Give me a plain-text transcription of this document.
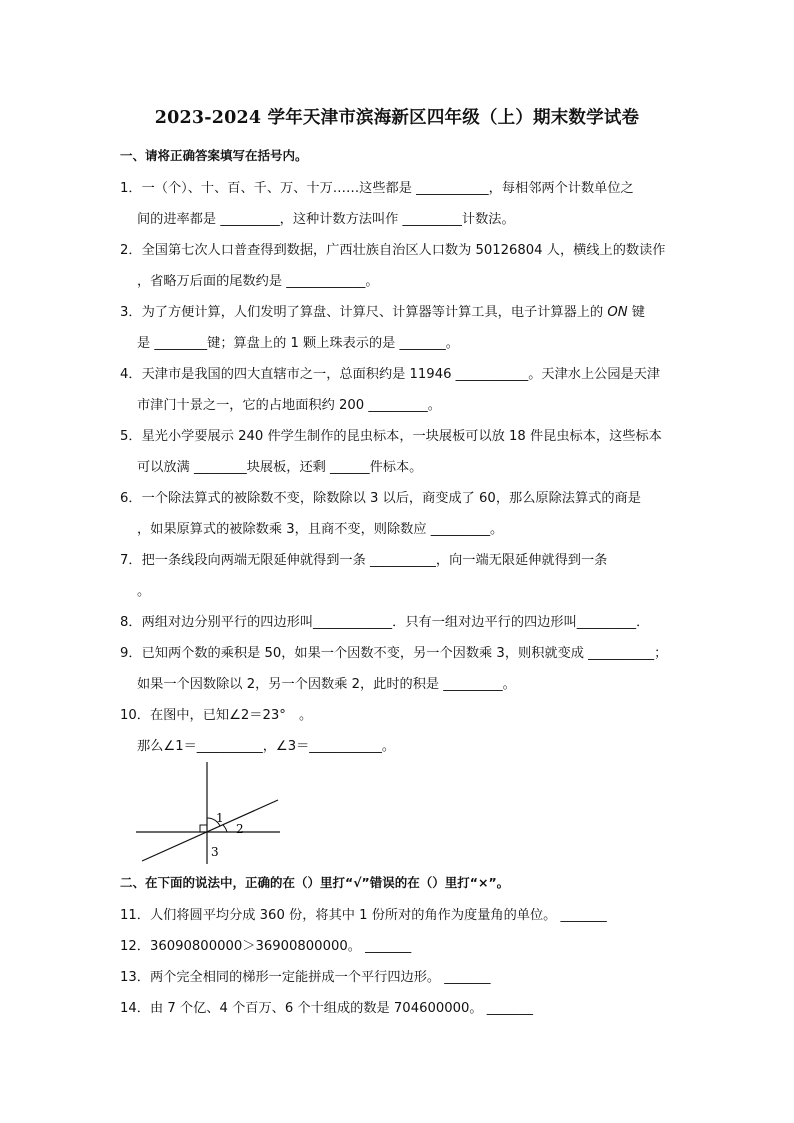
2023-2024 学年天津市滨海新区四年级（上）期末数学试卷
一、请将正确答案填写在括号内。
1．一（个）、十、百、千、万、十万……这些都是 ___________，每相邻两个计数单位之
间的进率都是 _________，这种计数方法叫作 _________计数法。
2．全国第七次人口普查得到数据，广西壮族自治区人口数为 50126804 人，横线上的数读作
，省略万后面的尾数约是 ____________。
3．为了方便计算，人们发明了算盘、计算尺、计算器等计算工具，电子计算器上的 ON 键
是 ________键；算盘上的 1 颗上珠表示的是 _______。
4．天津市是我国的四大直辖市之一，总面积约是 11946 ___________。天津水上公园是天津
市津门十景之一，它的占地面积约 200 _________。
5．星光小学要展示 240 件学生制作的昆虫标本，一块展板可以放 18 件昆虫标本，这些标本
可以放满 ________块展板，还剩 ______件标本。
6．一个除法算式的被除数不变，除数除以 3 以后，商变成了 60，那么原除法算式的商是
，如果原算式的被除数乘 3，且商不变，则除数应 _________。
7．把一条线段向两端无限延伸就得到一条 __________，向一端无限延伸就得到一条
。
8．两组对边分别平行的四边形叫____________．只有一组对边平行的四边形叫_________．
9．已知两个数的乘积是 50，如果一个因数不变，另一个因数乘 3，则积就变成 __________；
如果一个因数除以 2，另一个因数乘 2，此时的积是 _________。
10．在图中，已知∠2＝23°　。
那么∠1＝__________，∠3＝___________。
1
2
3
二、在下面的说法中，正确的在（）里打“√”错误的在（）里打“×”。
11．人们将圆平均分成 360 份，将其中 1 份所对的角作为度量角的单位。 _______
12．36090800000＞36900800000。 _______
13．两个完全相同的梯形一定能拼成一个平行四边形。 _______
14．由 7 个亿、4 个百万、6 个十组成的数是 704600000。 _______
